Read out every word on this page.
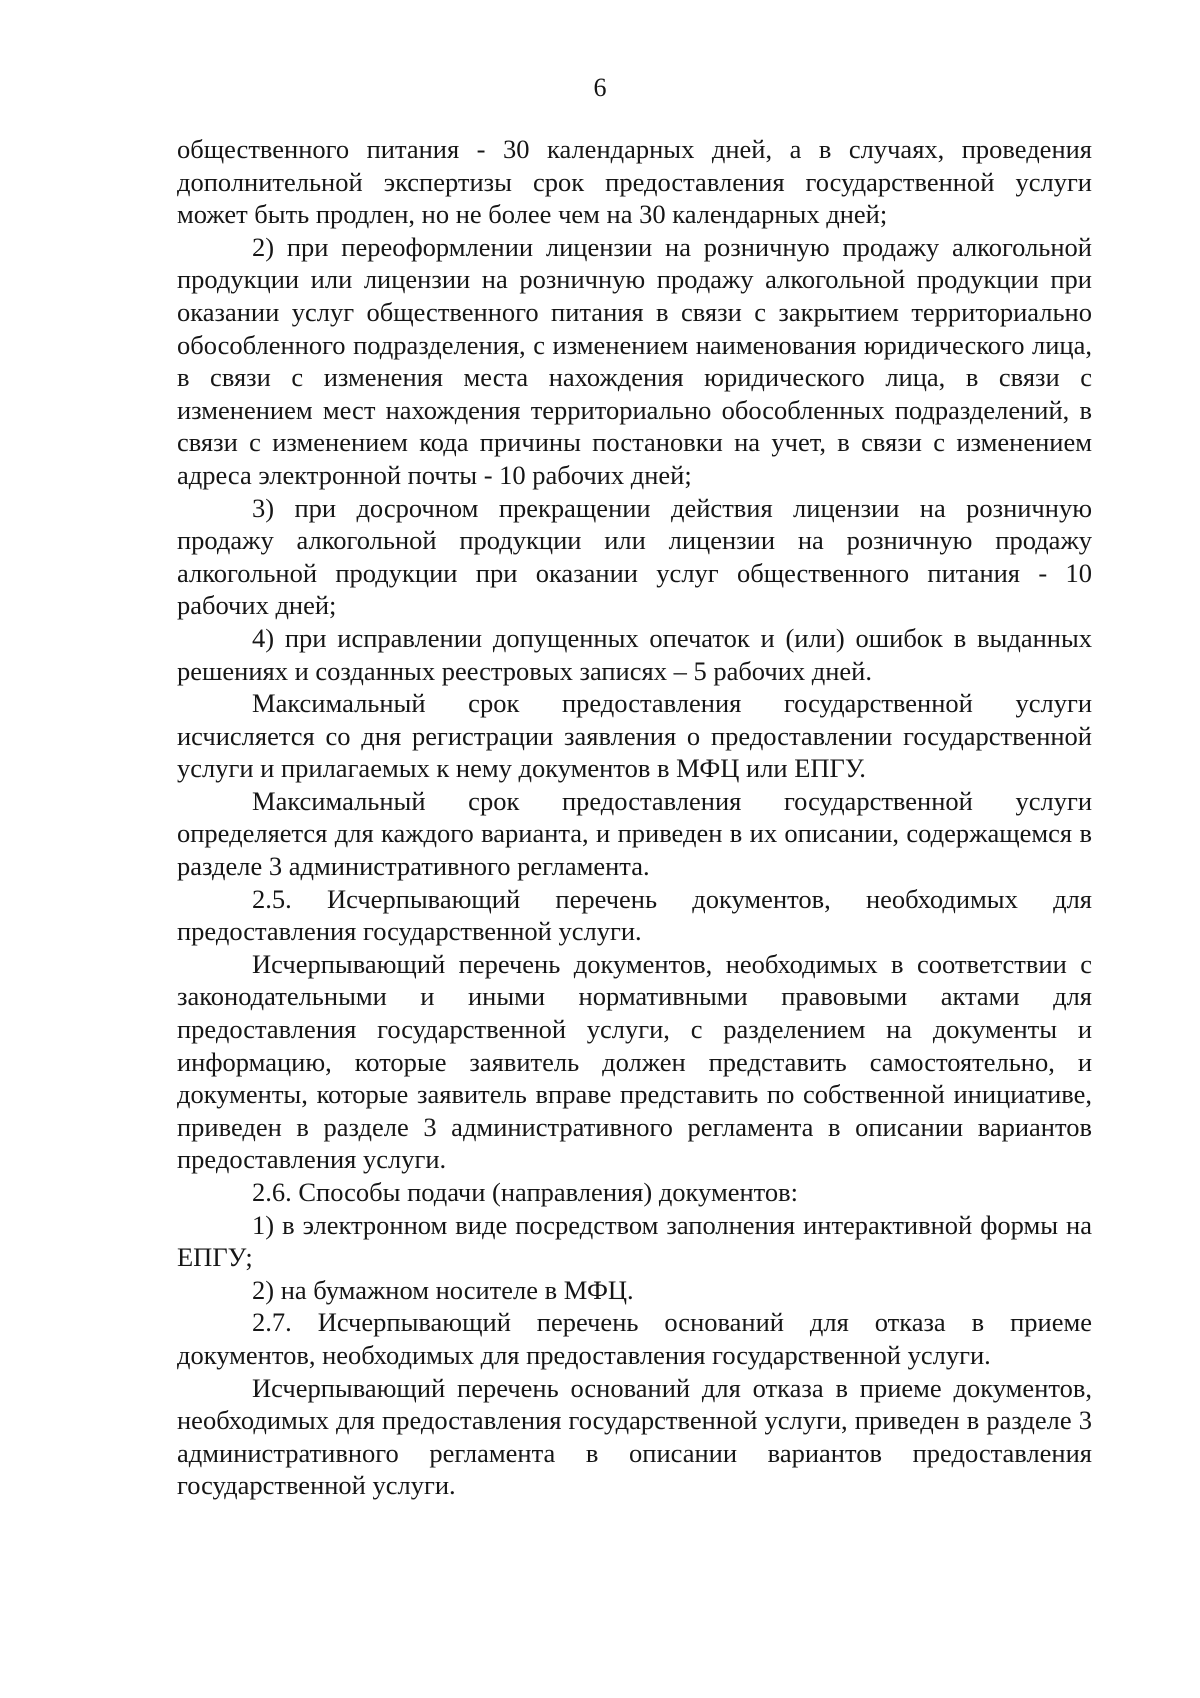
6

общественного питания - 30 календарных дней, а в случаях, проведения дополнительной экспертизы срок предоставления государственной услуги может быть продлен, но не более чем на 30 календарных дней;

2) при переоформлении лицензии на розничную продажу алкогольной продукции или лицензии на розничную продажу алкогольной продукции при оказании услуг общественного питания в связи с закрытием территориально обособленного подразделения, с изменением наименования юридического лица, в связи с изменения места нахождения юридического лица, в связи с изменением мест нахождения территориально обособленных подразделений, в связи с изменением кода причины постановки на учет, в связи с изменением адреса электронной почты - 10 рабочих дней;

3) при досрочном прекращении действия лицензии на розничную продажу алкогольной продукции или лицензии на розничную продажу алкогольной продукции при оказании услуг общественного питания - 10 рабочих дней;

4) при исправлении допущенных опечаток и (или) ошибок в выданных решениях и созданных реестровых записях – 5 рабочих дней.

Максимальный срок предоставления государственной услуги исчисляется со дня регистрации заявления о предоставлении государственной услуги и прилагаемых к нему документов в МФЦ или ЕПГУ.

Максимальный срок предоставления государственной услуги определяется для каждого варианта, и приведен в их описании, содержащемся в разделе 3 административного регламента.

2.5. Исчерпывающий перечень документов, необходимых для предоставления государственной услуги.

Исчерпывающий перечень документов, необходимых в соответствии с законодательными и иными нормативными правовыми актами для предоставления государственной услуги, с разделением на документы и информацию, которые заявитель должен представить самостоятельно, и документы, которые заявитель вправе представить по собственной инициативе, приведен в разделе 3 административного регламента в описании вариантов предоставления услуги.

2.6. Способы подачи (направления) документов:

1) в электронном виде посредством заполнения интерактивной формы на ЕПГУ;

2) на бумажном носителе в МФЦ.

2.7. Исчерпывающий перечень оснований для отказа в приеме документов, необходимых для предоставления государственной услуги.

Исчерпывающий перечень оснований для отказа в приеме документов, необходимых для предоставления государственной услуги, приведен в разделе 3 административного регламента в описании вариантов предоставления государственной услуги.
